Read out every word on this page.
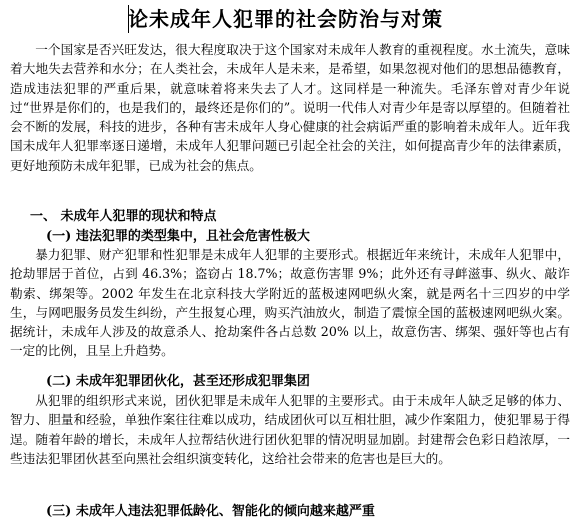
论未成年人犯罪的社会防治与对策
一个国家是否兴旺发达，很大程度取决于这个国家对未成年人教育的重视程度。水土流失，意味着大地失去营养和水分；在人类社会，未成年人是未来，是希望，如果忽视对他们的思想品德教育，造成违法犯罪的严重后果，就意味着将来失去了人才。这同样是一种流失。毛泽东曾对青少年说过“世界是你们的，也是我们的，最终还是你们的”。说明一代伟人对青少年是寄以厚望的。但随着社会不断的发展，科技的进步，各种有害未成年人身心健康的社会病诟严重的影响着未成年人。近年我国未成年人犯罪率逐日递增，未成年人犯罪问题已引起全社会的关注，如何提高青少年的法律素质，更好地预防未成年犯罪，已成为社会的焦点。
一、 未成年人犯罪的现状和特点
(一) 违法犯罪的类型集中，且社会危害性极大
暴力犯罪、财产犯罪和性犯罪是未成年人犯罪的主要形式。根据近年来统计，未成年人犯罪中，抢劫罪居于首位，占到 46.3%；盗窃占 18.7%；故意伤害罪 9%；此外还有寻衅滋事、纵火、敲诈勒索、绑架等。2002 年发生在北京科技大学附近的蓝极速网吧纵火案，就是两名十三四岁的中学生，与网吧服务员发生纠纷，产生报复心理，购买汽油放火，制造了震惊全国的蓝极速网吧纵火案。据统计，未成年人涉及的故意杀人、抢劫案件各占总数 20% 以上，故意伤害、绑架、强奸等也占有一定的比例，且呈上升趋势。
(二) 未成年犯罪团伙化，甚至还形成犯罪集团
从犯罪的组织形式来说，团伙犯罪是未成年人犯罪的主要形式。由于未成年人缺乏足够的体力、智力、胆量和经验，单独作案往往难以成功，结成团伙可以互相壮胆，减少作案阻力，使犯罪易于得逞。随着年龄的增长，未成年人拉帮结伙进行团伙犯罪的情况明显加剧。封建帮会色彩日趋浓厚，一些违法犯罪团伙甚至向黑社会组织演变转化，这给社会带来的危害也是巨大的。
(三) 未成年人违法犯罪低龄化、智能化的倾向越来越严重
